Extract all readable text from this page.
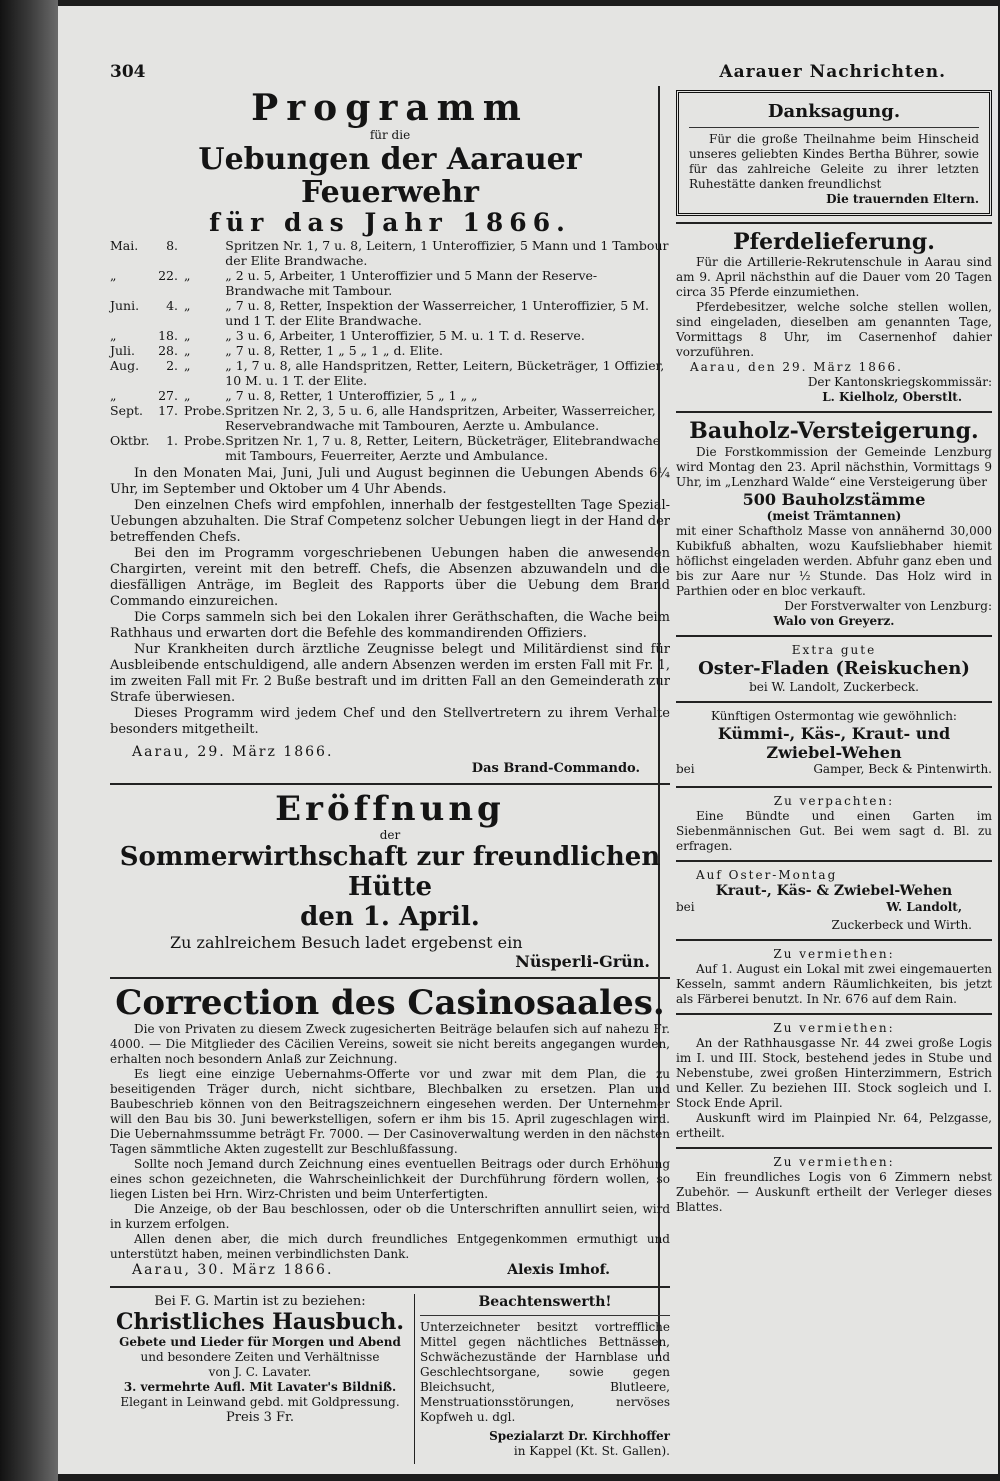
304	Aarauer Nachrichten.

Programm

für die

Uebungen der Aarauer Feuerwehr

für das Jahr 1866.

Mai.	8.		Spritzen Nr. 1, 7 u. 8, Leitern, 1 Unteroffizier, 5 Mann und 1 Tambour der Elite Brandwache.
„	22.	„	„ 2 u. 5, Arbeiter, 1 Unteroffizier und 5 Mann der Reserve-Brandwache mit Tambour.
Juni.	4.	„	„ 7 u. 8, Retter, Inspektion der Wasserreicher, 1 Unteroffizier, 5 M. und 1 T. der Elite Brandwache.
„	18.	„	„ 3 u. 6, Arbeiter, 1 Unteroffizier, 5 M. u. 1 T. d. Reserve.
Juli.	28.	„	„ 7 u. 8, Retter, 1 „ 5 „ 1 „ d. Elite.
Aug.	2.	„	„ 1, 7 u. 8, alle Handspritzen, Retter, Leitern, Bücketräger, 1 Offizier, 10 M. u. 1 T. der Elite.
„	27.	„	„ 7 u. 8, Retter, 1 Unteroffizier, 5 „ 1 „ „
Sept.	17.	Probe.	Spritzen Nr. 2, 3, 5 u. 6, alle Handspritzen, Arbeiter, Wasserreicher, Reservebrandwache mit Tambouren, Aerzte u. Ambulance.
Oktbr.	1.	Probe.	Spritzen Nr. 1, 7 u. 8, Retter, Leitern, Bücketräger, Elitebrandwache mit Tambours, Feuerreiter, Aerzte und Ambulance.

In den Monaten Mai, Juni, Juli und August beginnen die Uebungen Abends 6¼ Uhr, im September und Oktober um 4 Uhr Abends.

Den einzelnen Chefs wird empfohlen, innerhalb der festgestellten Tage Spezial-Uebungen abzuhalten. Die Straf Competenz solcher Uebungen liegt in der Hand der betreffenden Chefs.

Bei den im Programm vorgeschriebenen Uebungen haben die anwesenden Chargirten, vereint mit den betreff. Chefs, die Absenzen abzuwandeln und die diesfälligen Anträge, im Begleit des Rapports über die Uebung dem Brand Commando einzureichen.

Die Corps sammeln sich bei den Lokalen ihrer Geräthschaften, die Wache beim Rathhaus und erwarten dort die Befehle des kommandirenden Offiziers.

Nur Krankheiten durch ärztliche Zeugnisse belegt und Militärdienst sind für Ausbleibende entschuldigend, alle andern Absenzen werden im ersten Fall mit Fr. 1, im zweiten Fall mit Fr. 2 Buße bestraft und im dritten Fall an den Gemeinderath zur Strafe überwiesen.

Dieses Programm wird jedem Chef und den Stellvertretern zu ihrem Verhalte besonders mitgetheilt.

Aarau, 29. März 1866.
Das Brand-Commando.

Eröffnung

der

Sommerwirthschaft zur freundlichen Hütte

den 1. April.

Zu zahlreichem Besuch ladet ergebenst ein

Nüsperli-Grün.

Correction des Casinosaales.

Die von Privaten zu diesem Zweck zugesicherten Beiträge belaufen sich auf nahezu Fr. 4000. — Die Mitglieder des Cäcilien Vereins, soweit sie nicht bereits angegangen wurden, erhalten noch besondern Anlaß zur Zeichnung.

Es liegt eine einzige Uebernahms-Offerte vor und zwar mit dem Plan, die zu beseitigenden Träger durch, nicht sichtbare, Blechbalken zu ersetzen. Plan und Baubeschrieb können von den Beitragszeichnern eingesehen werden. Der Unternehmer will den Bau bis 30. Juni bewerkstelligen, sofern er ihm bis 15. April zugeschlagen wird. Die Uebernahmssumme beträgt Fr. 7000. — Der Casinoverwaltung werden in den nächsten Tagen sämmtliche Akten zugestellt zur Beschlußfassung.

Sollte noch Jemand durch Zeichnung eines eventuellen Beitrags oder durch Erhöhung eines schon gezeichneten, die Wahrscheinlichkeit der Durchführung fördern wollen, so liegen Listen bei Hrn. Wirz-Christen und beim Unterfertigten.

Die Anzeige, ob der Bau beschlossen, oder ob die Unterschriften annullirt seien, wird in kurzem erfolgen.

Allen denen aber, die mich durch freundliches Entgegenkommen ermuthigt und unterstützt haben, meinen verbindlichsten Dank.

Aarau, 30. März 1866.	Alexis Imhof.

Bei F. G. Martin ist zu beziehen:

Christliches Hausbuch.

Gebete und Lieder für Morgen und Abend

und besondere Zeiten und Verhältnisse

von J. C. Lavater.

3. vermehrte Aufl. Mit Lavater's Bildniß.

Elegant in Leinwand gebd. mit Goldpressung.

Preis 3 Fr.

Beachtenswerth!

Unterzeichneter besitzt vortreffliche Mittel gegen nächtliches Bettnässen, Schwächezustände der Harnblase und Geschlechtsorgane, sowie gegen Bleichsucht, Blutleere, Menstruationsstörungen, nervöses Kopfweh u. dgl.

Spezialarzt Dr. Kirchhoffer

in Kappel (Kt. St. Gallen).

Danksagung.

Für die große Theilnahme beim Hinscheid unseres geliebten Kindes Bertha Bührer, sowie für das zahlreiche Geleite zu ihrer letzten Ruhestätte danken freundlichst

Die trauernden Eltern.

Pferdelieferung.

Für die Artillerie-Rekrutenschule in Aarau sind am 9. April nächsthin auf die Dauer vom 20 Tagen circa 35 Pferde einzumiethen.

Pferdebesitzer, welche solche stellen wollen, sind eingeladen, dieselben am genannten Tage, Vormittags 8 Uhr, im Casernenhof dahier vorzuführen.

Aarau, den 29. März 1866.

Der Kantonskriegskommissär:

L. Kielholz, Oberstlt.

Bauholz-Versteigerung.

Die Forstkommission der Gemeinde Lenzburg wird Montag den 23. April nächsthin, Vormittags 9 Uhr, im „Lenzhard Walde“ eine Versteigerung über

500 Bauholzstämme

(meist Trämtannen)

mit einer Schaftholz Masse von annähernd 30,000 Kubikfuß abhalten, wozu Kaufsliebhaber hiemit höflichst eingeladen werden. Abfuhr ganz eben und bis zur Aare nur ½ Stunde. Das Holz wird in Parthien oder en bloc verkauft.

Der Forstverwalter von Lenzburg:

Walo von Greyerz.

Extra gute

Oster-Fladen (Reiskuchen)

bei W. Landolt, Zuckerbeck.

Künftigen Ostermontag wie gewöhnlich:

Kümmi-, Käs-, Kraut- und

Zwiebel-Wehen

bei	Gamper, Beck & Pintenwirth.

Zu verpachten:

Eine Bündte und einen Garten im Siebenmännischen Gut. Bei wem sagt d. Bl. zu erfragen.

Auf Oster-Montag

Kraut-, Käs- & Zwiebel-Wehen

bei	W. Landolt,

Zuckerbeck und Wirth.

Zu vermiethen:

Auf 1. August ein Lokal mit zwei eingemauerten Kesseln, sammt andern Räumlichkeiten, bis jetzt als Färberei benutzt. In Nr. 676 auf dem Rain.

Zu vermiethen:

An der Rathhausgasse Nr. 44 zwei große Logis im I. und III. Stock, bestehend jedes in Stube und Nebenstube, zwei großen Hinterzimmern, Estrich und Keller. Zu beziehen III. Stock sogleich und I. Stock Ende April.

Auskunft wird im Plainpied Nr. 64, Pelzgasse, ertheilt.

Zu vermiethen:

Ein freundliches Logis von 6 Zimmern nebst Zubehör. — Auskunft ertheilt der Verleger dieses Blattes.
